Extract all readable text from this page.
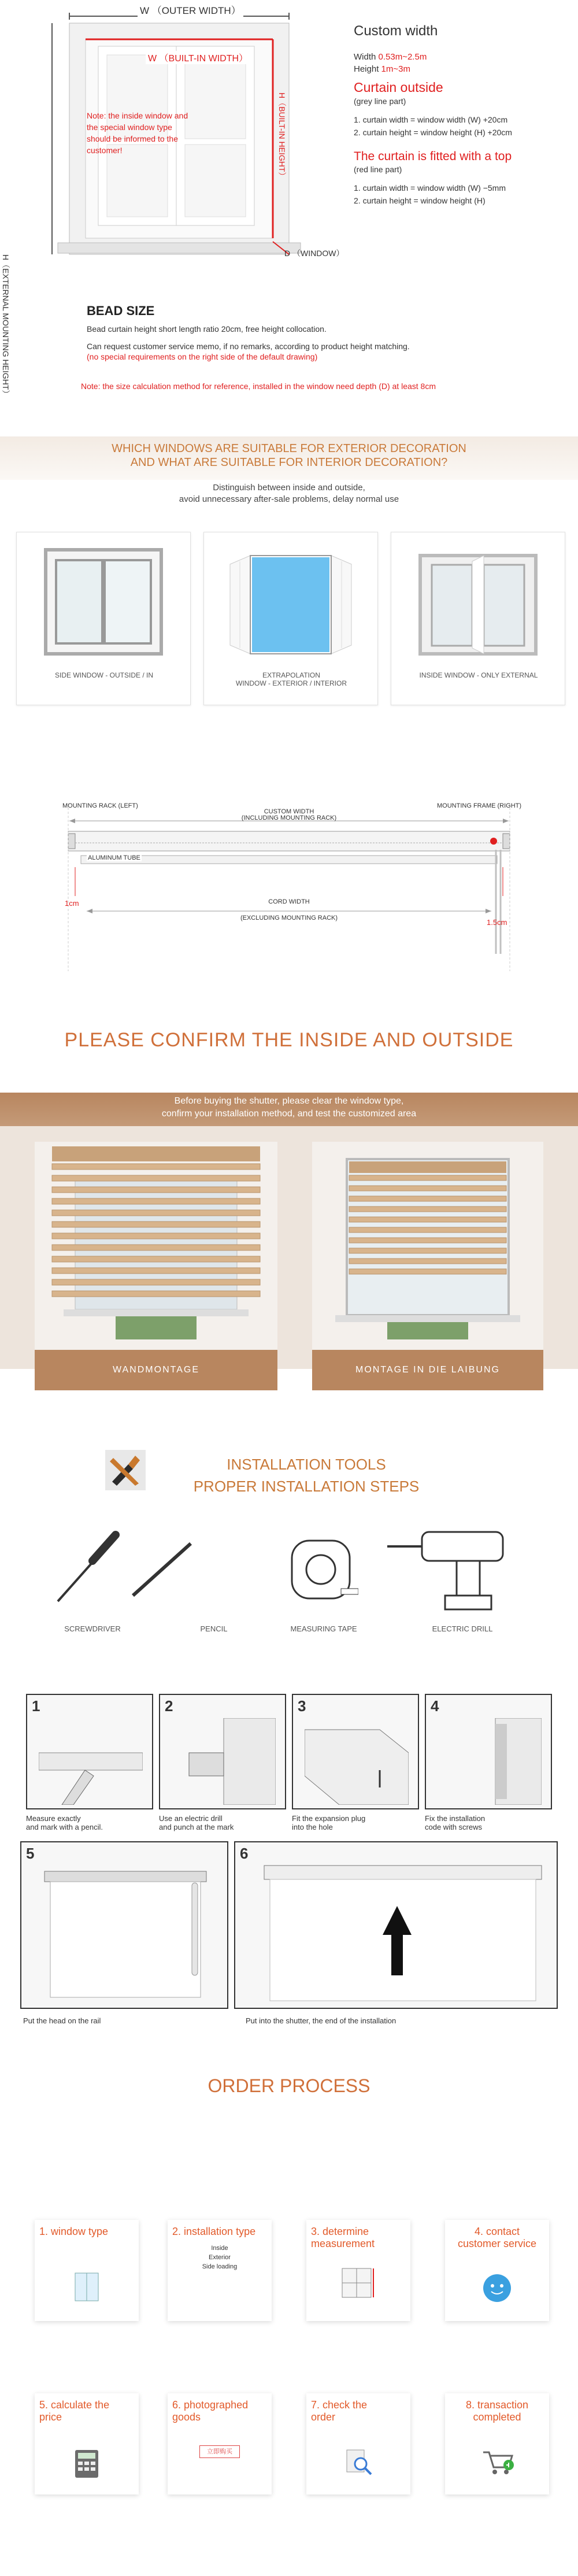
W （OUTER WIDTH）
W （BUILT-IN WIDTH）
H（EXTERNAL MOUNTING HEIGHT）
H（BUILT-IN HEIGHT）
D （WINDOW）
Note: the inside window and the special window type should be informed to the customer!
Custom width
Width 0.53m~2.5m
Height 1m~3m
Curtain outside
(grey line part)
1. curtain width = window width (W) +20cm
2. curtain height = window height (H) +20cm
The curtain is fitted with a top
(red line part)
1. curtain width = window width (W) −5mm
2. curtain height = window height (H)
BEAD SIZE
Bead curtain height short length ratio 20cm, free height collocation.
Can request customer service memo, if no remarks, according to product height matching.
(no special requirements on the right side of the default drawing)
Note: the size calculation method for reference, installed in the window need depth (D) at least 8cm
WHICH WINDOWS ARE SUITABLE FOR EXTERIOR DECORATION
AND WHAT ARE SUITABLE FOR INTERIOR DECORATION?
Distinguish between inside and outside,
avoid unnecessary after-sale problems, delay normal use
SIDE WINDOW - OUTSIDE / IN	EXTRAPOLATION
WINDOW - EXTERIOR / INTERIOR
INSIDE WINDOW - ONLY EXTERNAL
MOUNTING RACK (LEFT)	MOUNTING FRAME (RIGHT)
CUSTOM WIDTH
(INCLUDING MOUNTING RACK)
ALUMINUM TUBE
CORD WIDTH
(EXCLUDING MOUNTING RACK)
1cm
1.5cm
PLEASE CONFIRM THE INSIDE AND OUTSIDE
Before buying the shutter, please clear the window type,
confirm your installation method, and test the customized area
WANDMONTAGE	MONTAGE IN DIE LAIBUNG
INSTALLATION TOOLS
PROPER INSTALLATION STEPS
SCREWDRIVER	PENCIL	MEASURING TAPE	ELECTRIC DRILL
1	2	3	4
Measure exactly
and mark with a pencil.
Use an electric drill
and punch at the mark
Fit the expansion plug
into the hole
Fix the installation
code with screws
5	6
Put the head on the rail	Put into the shutter, the end of the installation
ORDER PROCESS
1. window type	2. installation type
Inside
Exterior
Side loading
3. determine
measurement
4. contact
customer service
5. calculate the
price
6. photographed
goods
立即购买
7. check the
order
8. transaction
completed
